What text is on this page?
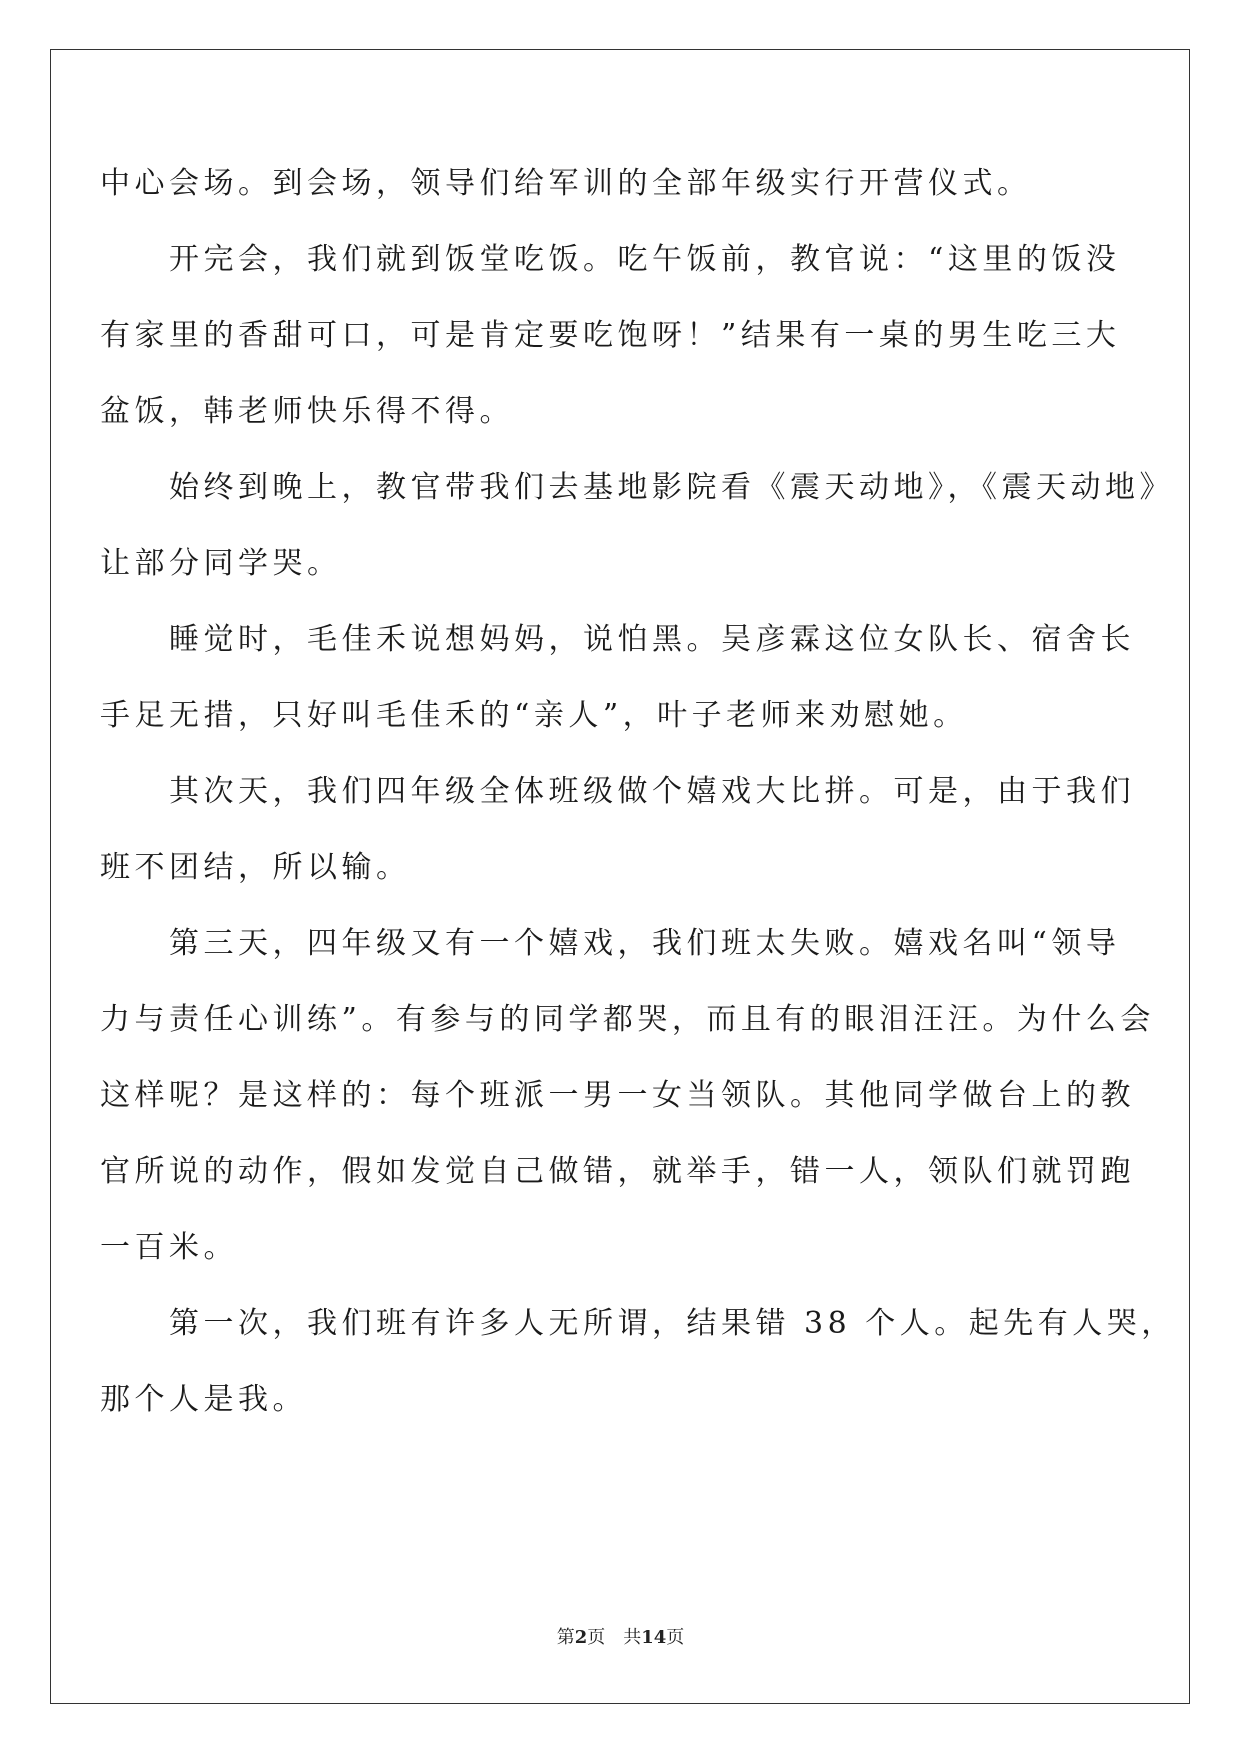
中心会场。到会场，领导们给军训的全部年级实行开营仪式。
　　开完会，我们就到饭堂吃饭。吃午饭前，教官说：“这里的饭没
有家里的香甜可口，可是肯定要吃饱呀！”结果有一桌的男生吃三大
盆饭，韩老师快乐得不得。
　　始终到晚上，教官带我们去基地影院看《震天动地》，《震天动地》
让部分同学哭。
　　睡觉时，毛佳禾说想妈妈，说怕黑。吴彦霖这位女队长、宿舍长
手足无措，只好叫毛佳禾的“亲人”，叶子老师来劝慰她。
　　其次天，我们四年级全体班级做个嬉戏大比拼。可是，由于我们
班不团结，所以输。
　　第三天，四年级又有一个嬉戏，我们班太失败。嬉戏名叫“领导
力与责任心训练”。有参与的同学都哭，而且有的眼泪汪汪。为什么会
这样呢？是这样的：每个班派一男一女当领队。其他同学做台上的教
官所说的动作，假如发觉自己做错，就举手，错一人，领队们就罚跑
一百米。
　　第一次，我们班有许多人无所谓，结果错 38 个人。起先有人哭，
那个人是我。
第2页 共14页
